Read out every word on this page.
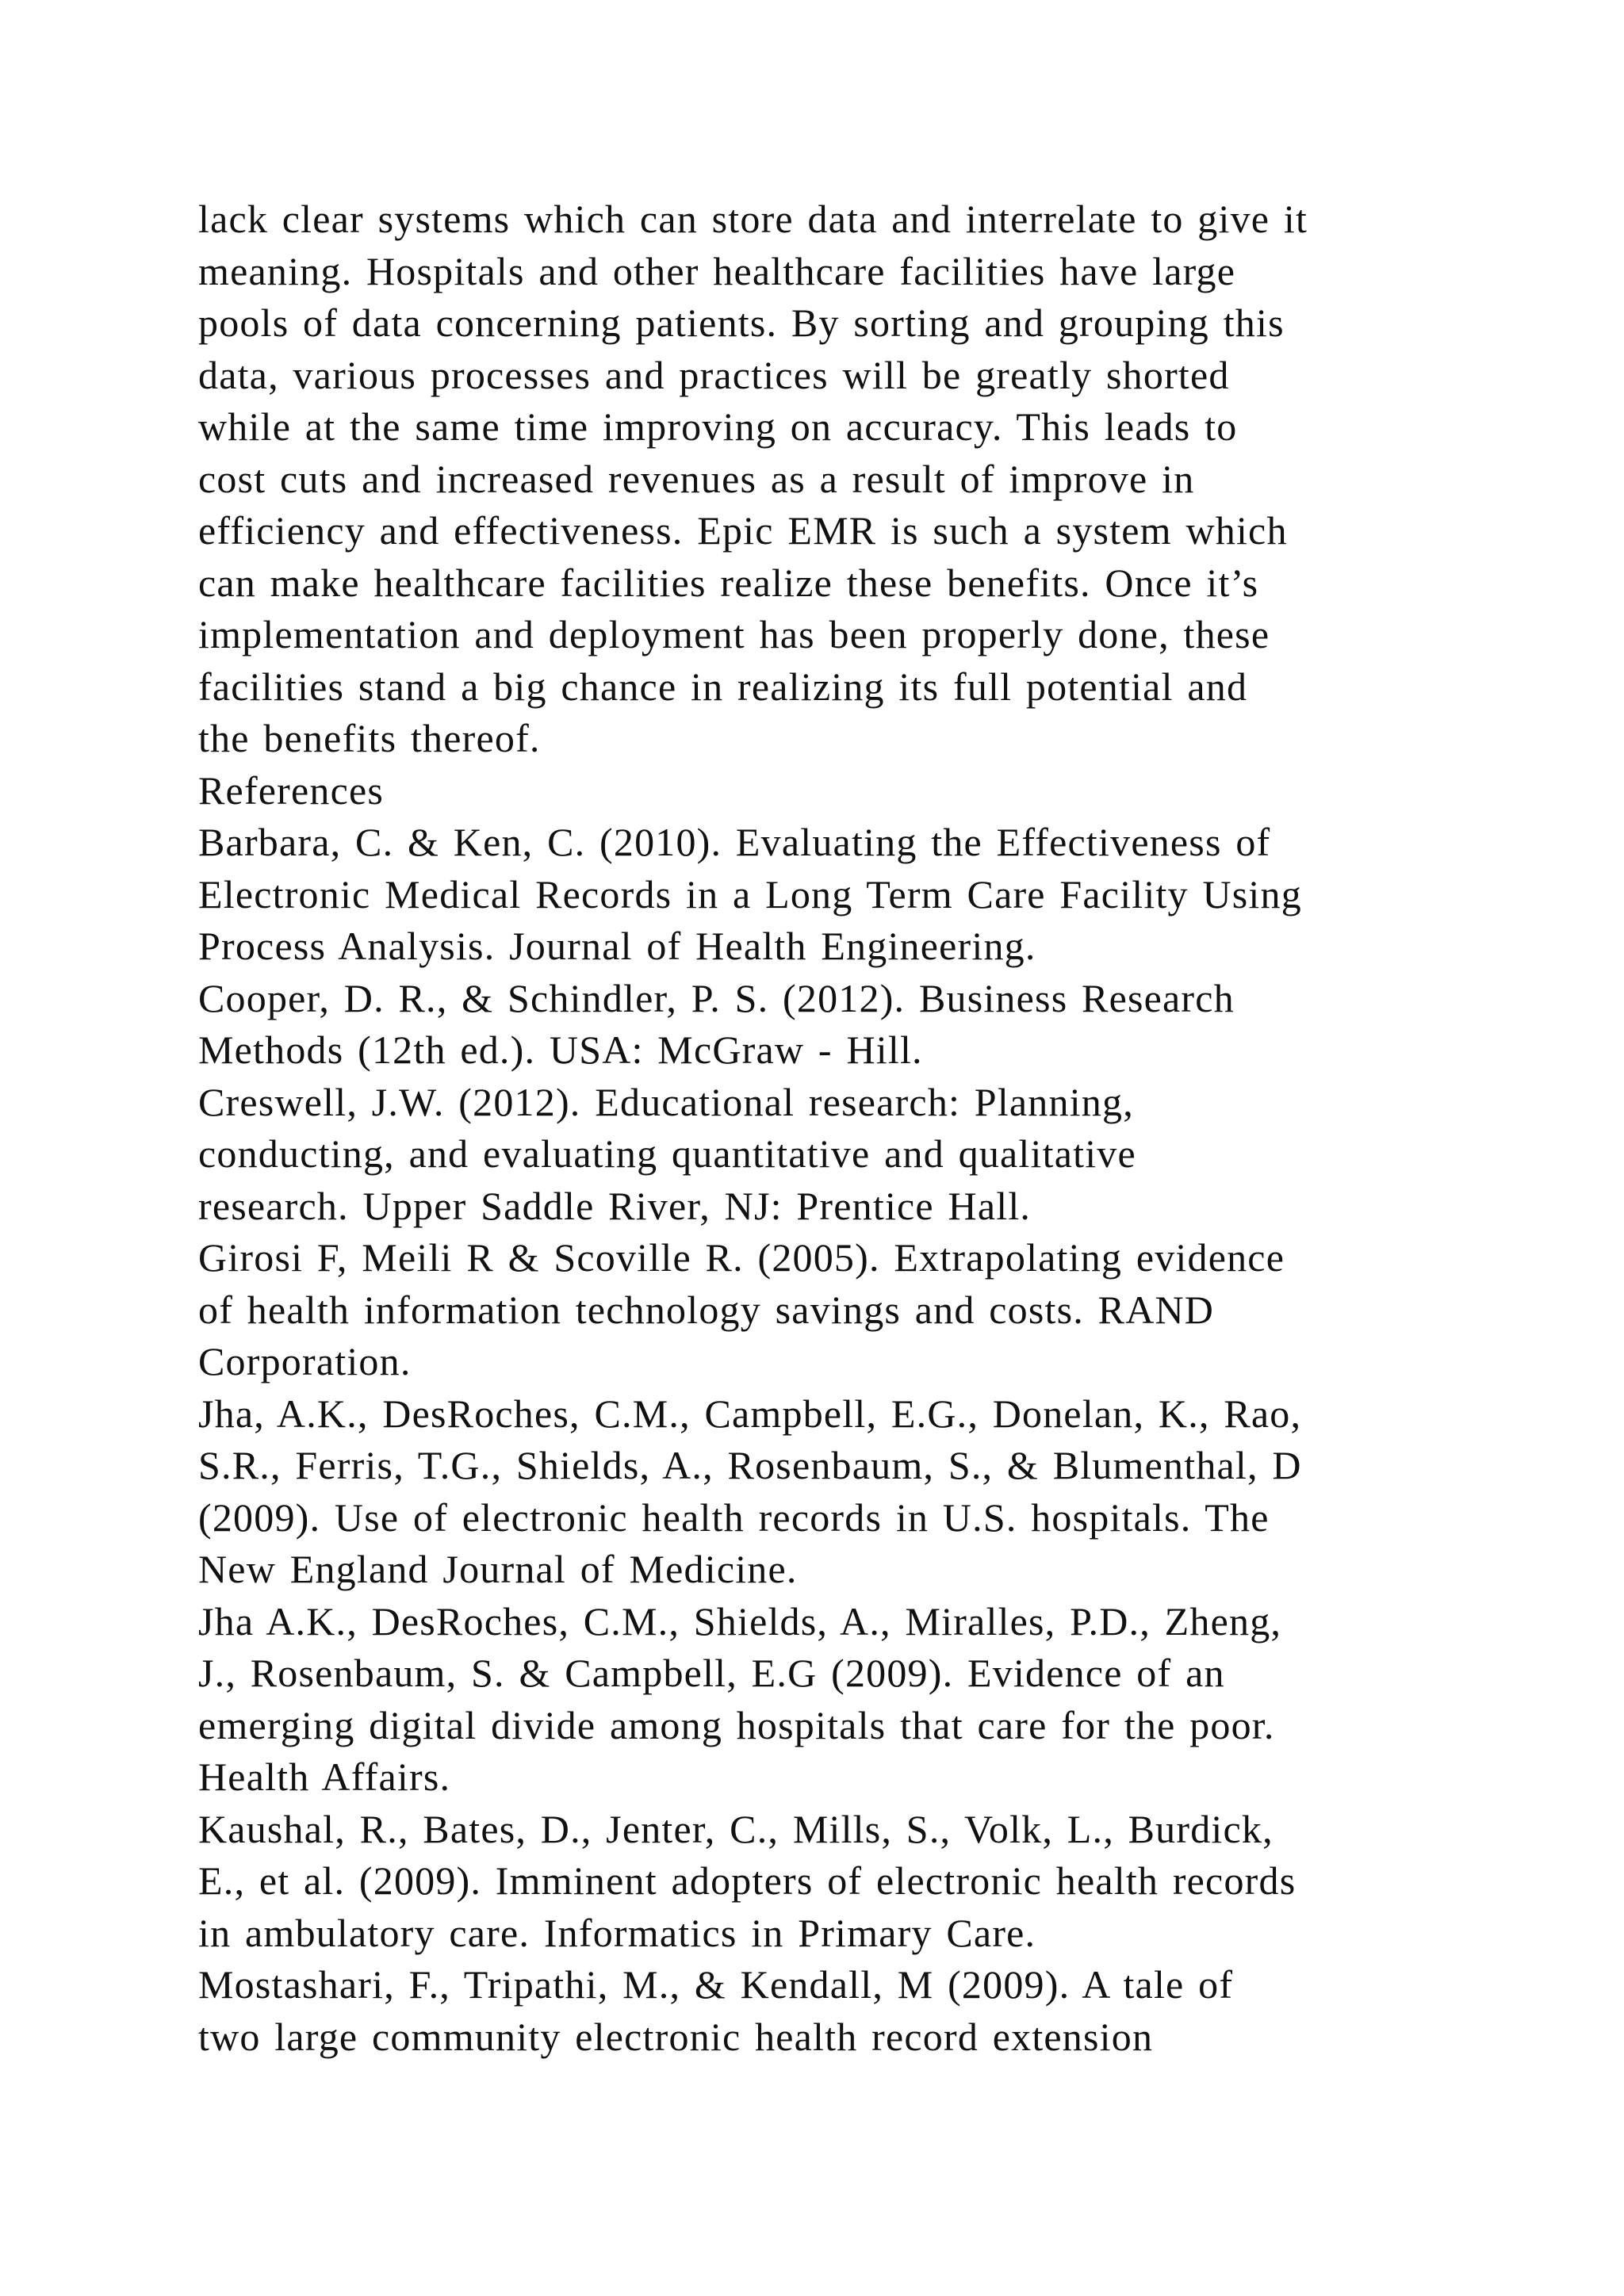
lack clear systems which can store data and interrelate to give it
meaning. Hospitals and other healthcare facilities have large
pools of data concerning patients. By sorting and grouping this
data, various processes and practices will be greatly shorted
while at the same time improving on accuracy. This leads to
cost cuts and increased revenues as a result of improve in
efficiency and effectiveness. Epic EMR is such a system which
can make healthcare facilities realize these benefits. Once it’s
implementation and deployment has been properly done, these
facilities stand a big chance in realizing its full potential and
the benefits thereof.
References
Barbara, C. & Ken, C. (2010). Evaluating the Effectiveness of
Electronic Medical Records in a Long Term Care Facility Using
Process Analysis. Journal of Health Engineering.
Cooper, D. R., & Schindler, P. S. (2012). Business Research
Methods (12th ed.). USA: McGraw - Hill.
Creswell, J.W. (2012). Educational research: Planning,
conducting, and evaluating quantitative and qualitative
research. Upper Saddle River, NJ: Prentice Hall.
Girosi F, Meili R & Scoville R. (2005). Extrapolating evidence
of health information technology savings and costs. RAND
Corporation.
Jha, A.K., DesRoches, C.M., Campbell, E.G., Donelan, K., Rao,
S.R., Ferris, T.G., Shields, A., Rosenbaum, S., & Blumenthal, D
(2009). Use of electronic health records in U.S. hospitals. The
New England Journal of Medicine.
Jha A.K., DesRoches, C.M., Shields, A., Miralles, P.D., Zheng,
J., Rosenbaum, S. & Campbell, E.G (2009). Evidence of an
emerging digital divide among hospitals that care for the poor.
Health Affairs.
Kaushal, R., Bates, D., Jenter, C., Mills, S., Volk, L., Burdick,
E., et al. (2009). Imminent adopters of electronic health records
in ambulatory care. Informatics in Primary Care.
Mostashari, F., Tripathi, M., & Kendall, M (2009). A tale of
two large community electronic health record extension
